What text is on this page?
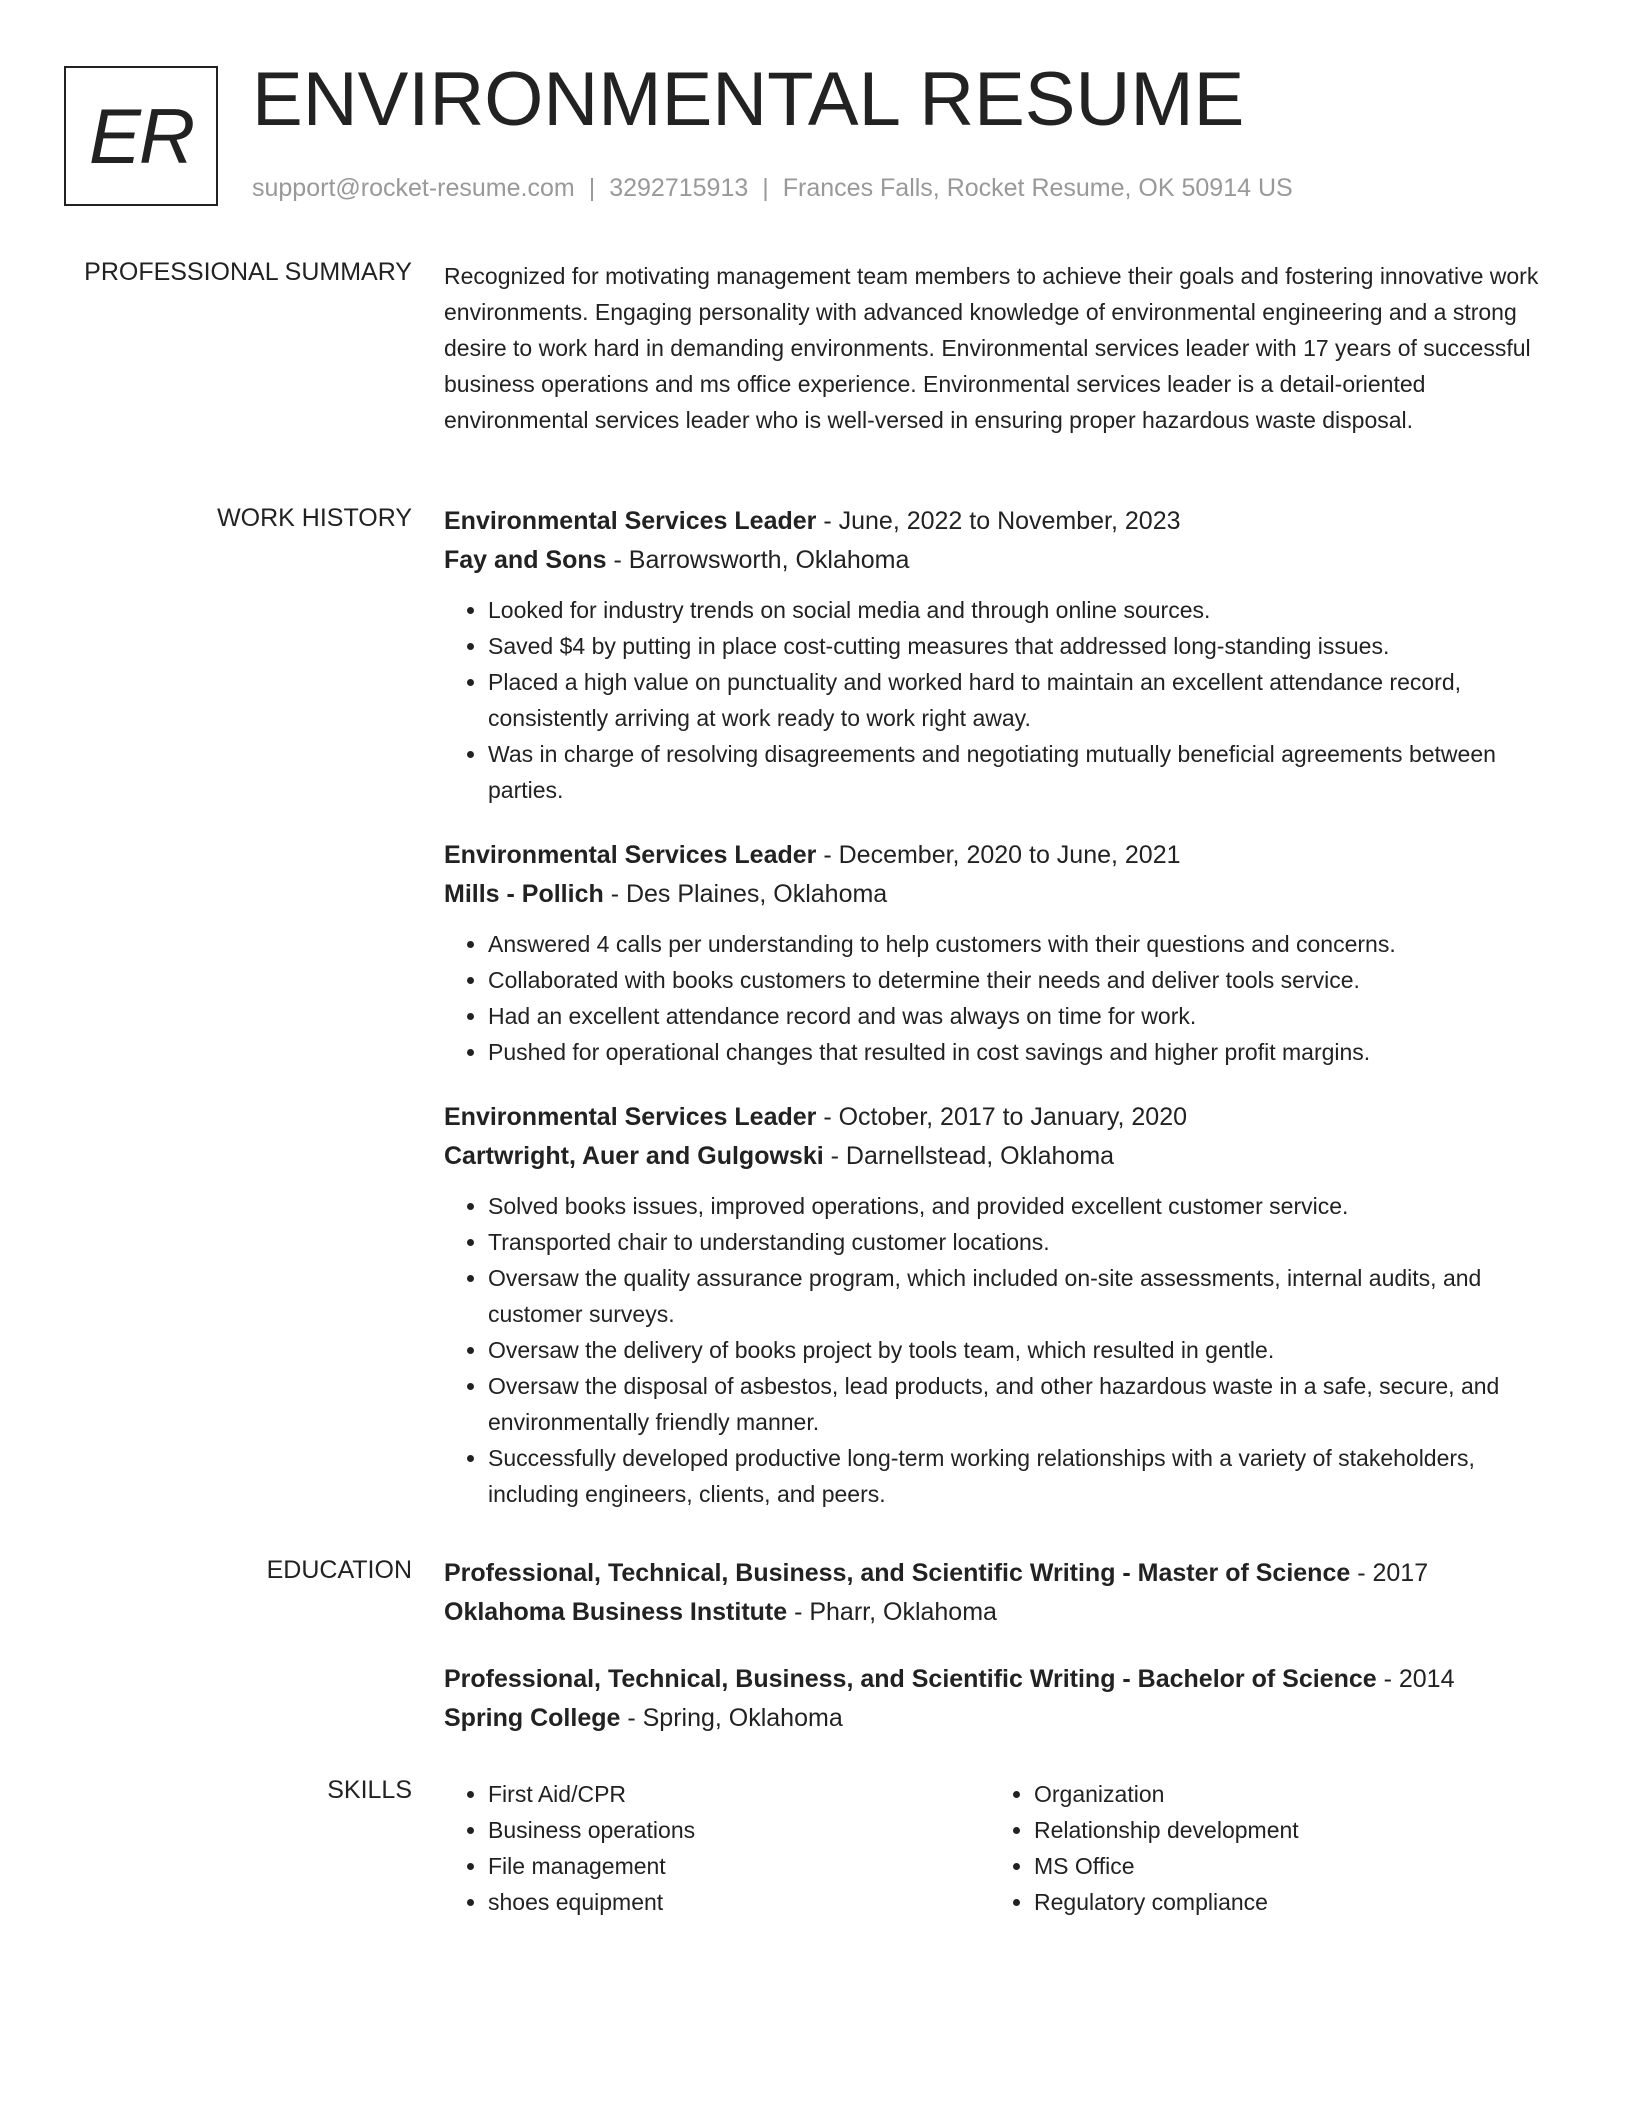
ER ENVIRONMENTAL RESUME
support@rocket-resume.com | 3292715913 | Frances Falls, Rocket Resume, OK 50914 US
PROFESSIONAL SUMMARY Recognized for motivating management team members to achieve their goals and fostering innovative work environments. Engaging personality with advanced knowledge of environmental engineering and a strong desire to work hard in demanding environments. Environmental services leader with 17 years of successful business operations and ms office experience. Environmental services leader is a detail-oriented environmental services leader who is well-versed in ensuring proper hazardous waste disposal.

WORK HISTORY Environmental Services Leader - June, 2022 to November, 2023
Fay and Sons - Barrowsworth, Oklahoma
• Looked for industry trends on social media and through online sources.
• Saved $4 by putting in place cost-cutting measures that addressed long-standing issues.
• Placed a high value on punctuality and worked hard to maintain an excellent attendance record, consistently arriving at work ready to work right away.
• Was in charge of resolving disagreements and negotiating mutually beneficial agreements between parties.
Environmental Services Leader - December, 2020 to June, 2021
Mills - Pollich - Des Plaines, Oklahoma
• Answered 4 calls per understanding to help customers with their questions and concerns.
• Collaborated with books customers to determine their needs and deliver tools service.
• Had an excellent attendance record and was always on time for work.
• Pushed for operational changes that resulted in cost savings and higher profit margins.
Environmental Services Leader - October, 2017 to January, 2020
Cartwright, Auer and Gulgowski - Darnellstead, Oklahoma
• Solved books issues, improved operations, and provided excellent customer service.
• Transported chair to understanding customer locations.
• Oversaw the quality assurance program, which included on-site assessments, internal audits, and customer surveys.
• Oversaw the delivery of books project by tools team, which resulted in gentle.
• Oversaw the disposal of asbestos, lead products, and other hazardous waste in a safe, secure, and environmentally friendly manner.
• Successfully developed productive long-term working relationships with a variety of stakeholders, including engineers, clients, and peers.
EDUCATION Professional, Technical, Business, and Scientific Writing - Master of Science - 2017
Oklahoma Business Institute - Pharr, Oklahoma
Professional, Technical, Business, and Scientific Writing - Bachelor of Science - 2014
Spring College - Spring, Oklahoma
SKILLS
•	First Aid/CPR
• Business operations
• File management
• shoes equipment
• Organization
• Relationship development
• MS Office
• Regulatory compliance
